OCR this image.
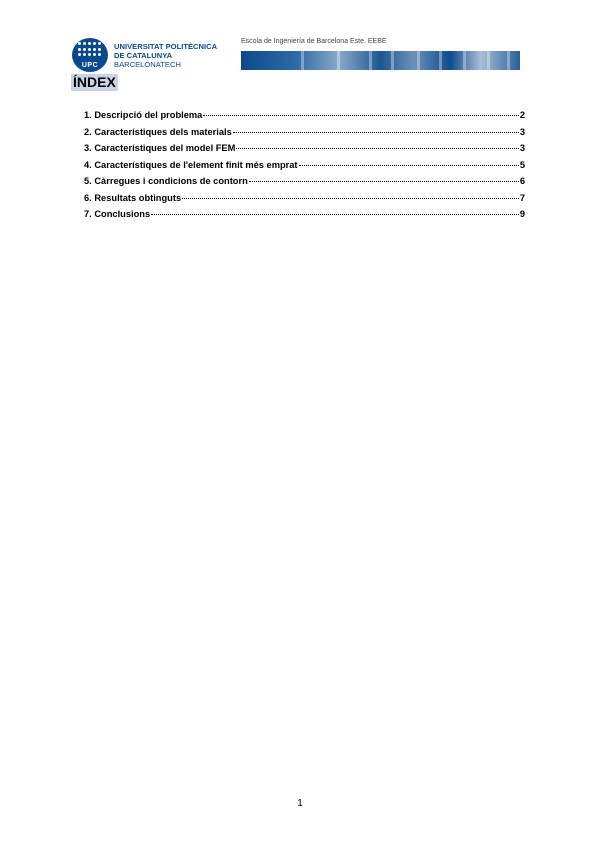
UPC
UNIVERSITAT POLITÈCNICA
DE CATALUNYA
BARCELONATECH
Escola de Ingeniería de Barcelona Este. EEBE
ÍNDEX
1. Descripció del problema	2
2. Característiques dels materials	3
3. Característiques del model FEM	3
4. Característiques de l'element finit més emprat	5
5. Càrregues i condicions de contorn	6
6. Resultats obtinguts	7
7. Conclusions	9
1
